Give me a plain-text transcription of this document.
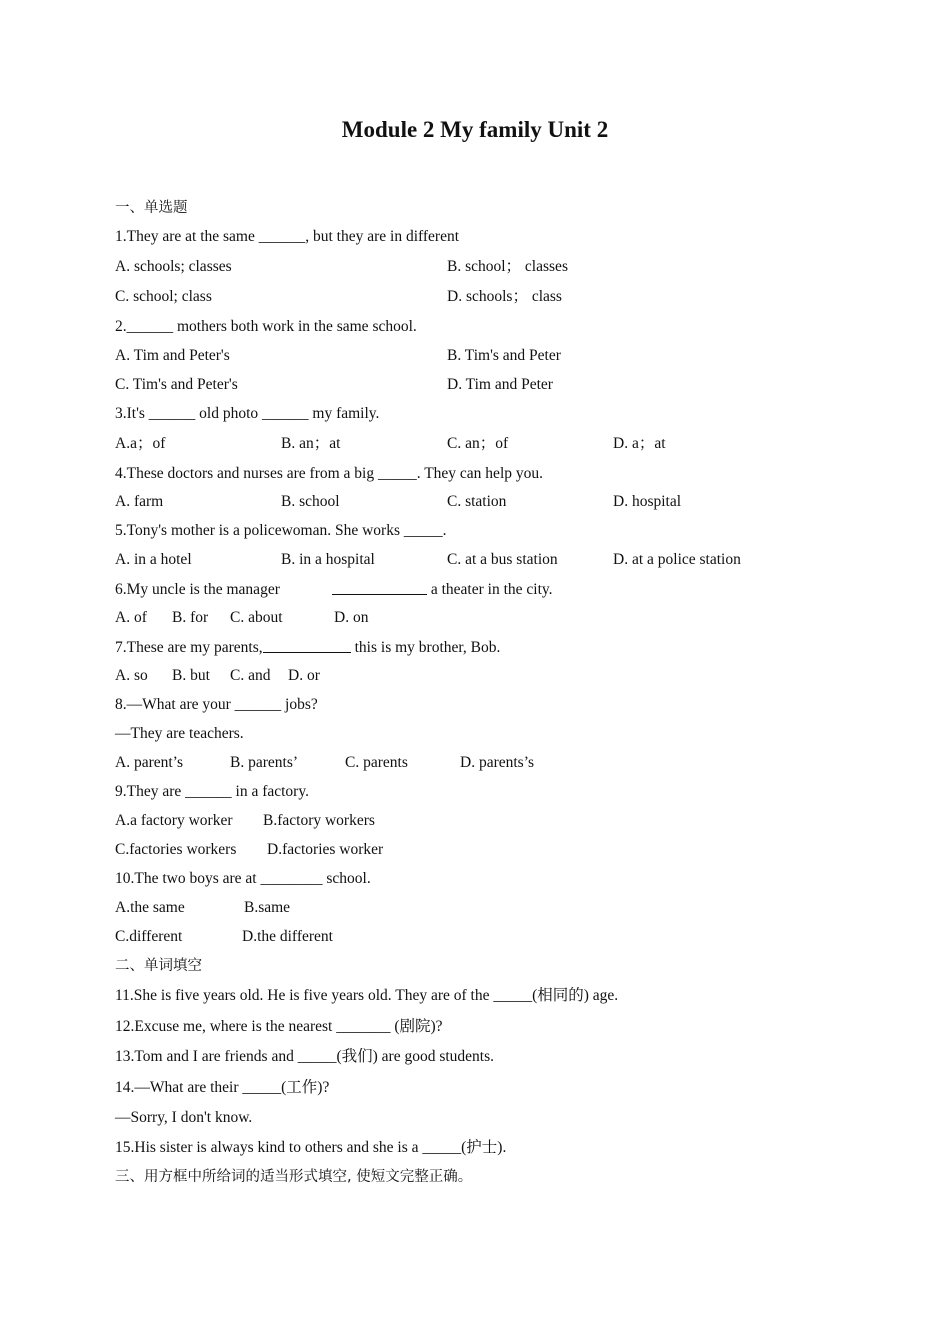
Module 2 My family Unit 2
一、单选题
1.They are at the same ______, but they are in different
A. schools; classes	B. school； classes
C. school; class	D. schools； class
2.______ mothers both work in the same school.
A. Tim and Peter's	B. Tim's and Peter
C. Tim's and Peter's	D. Tim and Peter
3.It's ______ old photo ______ my family.
A.a；of	B. an；at	C. an；of	D. a；at
4.These doctors and nurses are from a big _____. They can help you.
A. farm	B. school	C. station	D. hospital
5.Tony's mother is a policewoman. She works _____.
A. in a hotel	B. in a hospital	C. at a bus station	D. at a police station
6.My uncle is the manager	a theater in the city.
A. of B. for C. about	D. on
7.These are my parents,	this is my brother, Bob.
A. so B. but C. and D. or
8.—What are your ______ jobs?
—They are teachers.
A. parent’s	B. parents’	C. parents	D. parents’s
9.They are ______ in a factory.
A.a factory worker B.factory workers
C.factories workers D.factories worker
10.The two boys are at ________ school.
A.the same	B.same
C.different	D.the different
二、单词填空
11.She is five years old. He is five years old. They are of the _____(相同的) age.
12.Excuse me, where is the nearest _______ (剧院)?
13.Tom and I are friends and _____(我们) are good students.
14.—What are their _____(工作)?
—Sorry, I don't know.
15.His sister is always kind to others and she is a _____(护士).
三、用方框中所给词的适当形式填空, 使短文完整正确。
